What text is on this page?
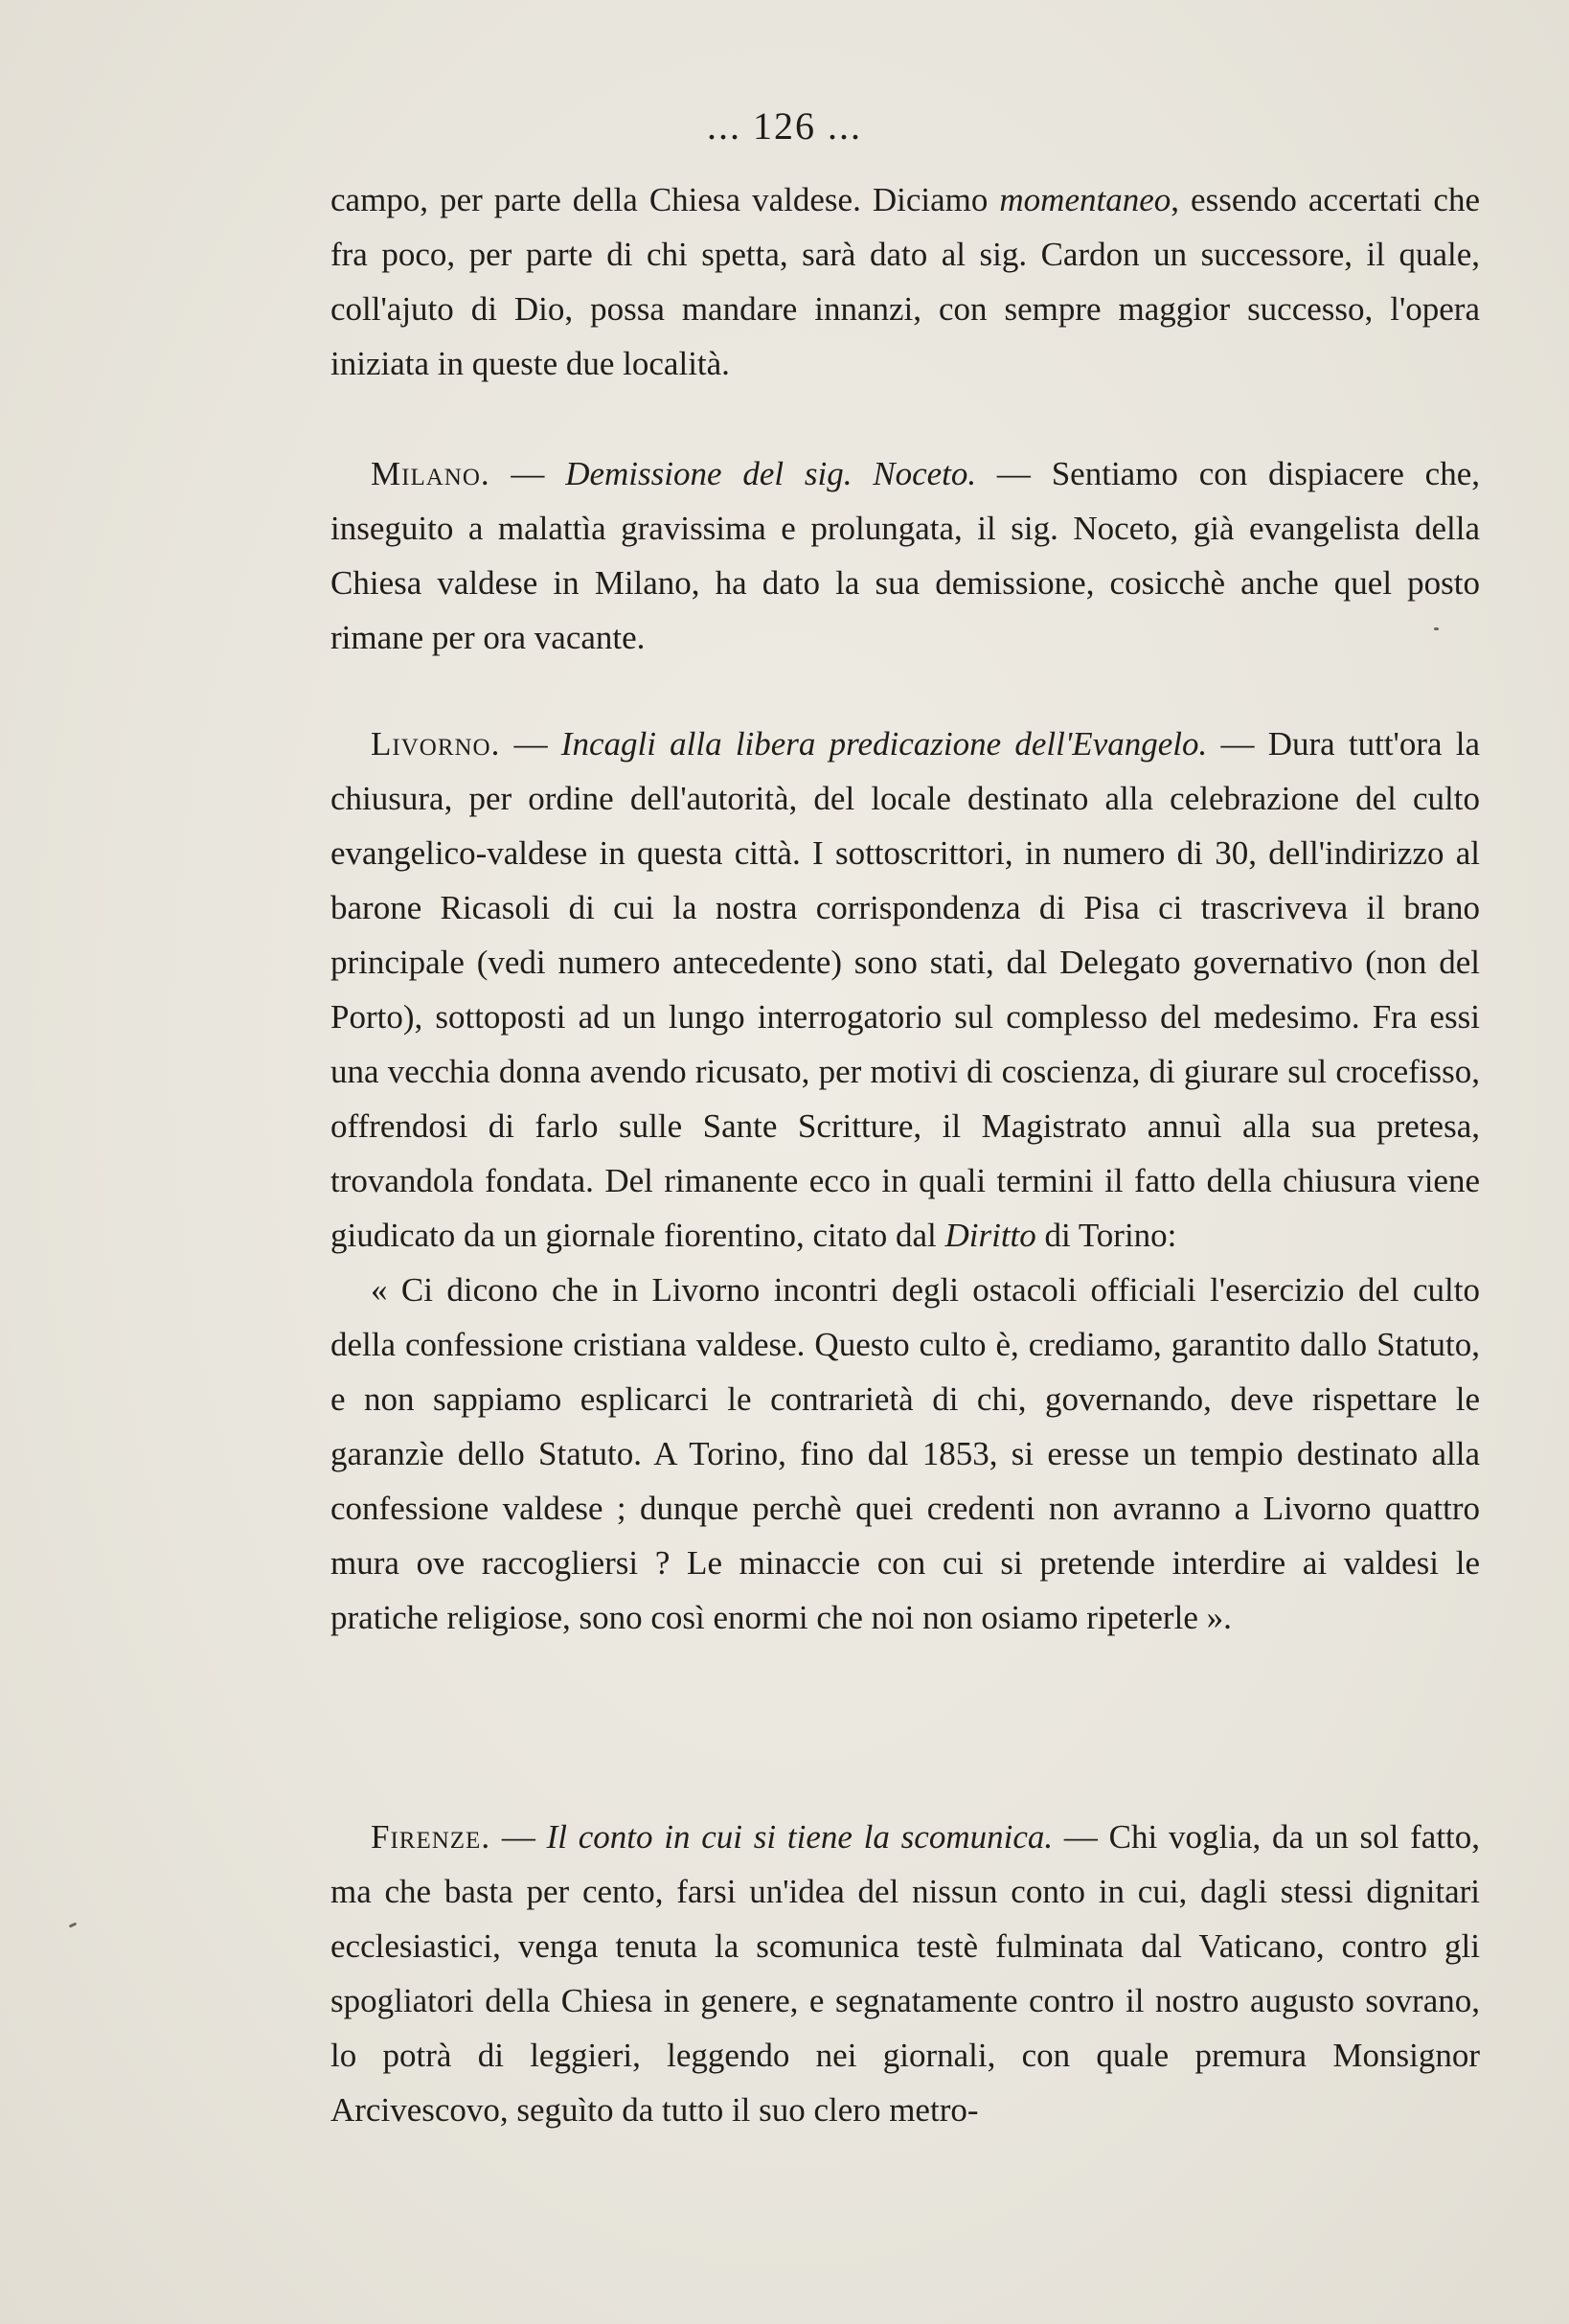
... 126 ...

campo, per parte della Chiesa valdese. Diciamo momentaneo, essendo accertati che fra poco, per parte di chi spetta, sarà dato al sig. Cardon un successore, il quale, coll'ajuto di Dio, possa mandare innanzi, con sempre maggior successo, l'opera iniziata in queste due località.

Milano. — Demissione del sig. Noceto. — Sentiamo con dispiacere che, inseguito a malattìa gravissima e prolungata, il sig. Noceto, già evangelista della Chiesa valdese in Milano, ha dato la sua demissione, cosicchè anche quel posto rimane per ora vacante.

Livorno. — Incagli alla libera predicazione dell'Evangelo. — Dura tutt'ora la chiusura, per ordine dell'autorità, del locale destinato alla celebrazione del culto evangelico-valdese in questa città. I sottoscrittori, in numero di 30, dell'indirizzo al barone Ricasoli di cui la nostra corrispondenza di Pisa ci trascriveva il brano principale (vedi numero antecedente) sono stati, dal Delegato governativo (non del Porto), sottoposti ad un lungo interrogatorio sul complesso del medesimo. Fra essi una vecchia donna avendo ricusato, per motivi di coscienza, di giurare sul crocefisso, offrendosi di farlo sulle Sante Scritture, il Magistrato annuì alla sua pretesa, trovandola fondata. Del rimanente ecco in quali termini il fatto della chiusura viene giudicato da un giornale fiorentino, citato dal Diritto di Torino:

« Ci dicono che in Livorno incontri degli ostacoli officiali l'esercizio del culto della confessione cristiana valdese. Questo culto è, crediamo, garantito dallo Statuto, e non sappiamo esplicarci le contrarietà di chi, governando, deve rispettare le garanzìe dello Statuto. A Torino, fino dal 1853, si eresse un tempio destinato alla confessione valdese ; dunque perchè quei credenti non avranno a Livorno quattro mura ove raccogliersi ? Le minaccie con cui si pretende interdire ai valdesi le pratiche religiose, sono così enormi che noi non osiamo ripeterle ».

Firenze. — Il conto in cui si tiene la scomunica. — Chi voglia, da un sol fatto, ma che basta per cento, farsi un'idea del nissun conto in cui, dagli stessi dignitari ecclesiastici, venga tenuta la scomunica testè fulminata dal Vaticano, contro gli spogliatori della Chiesa in genere, e segnatamente contro il nostro augusto sovrano, lo potrà di leggieri, leggendo nei giornali, con quale premura Monsignor Arcivescovo, seguìto da tutto il suo clero metro-
